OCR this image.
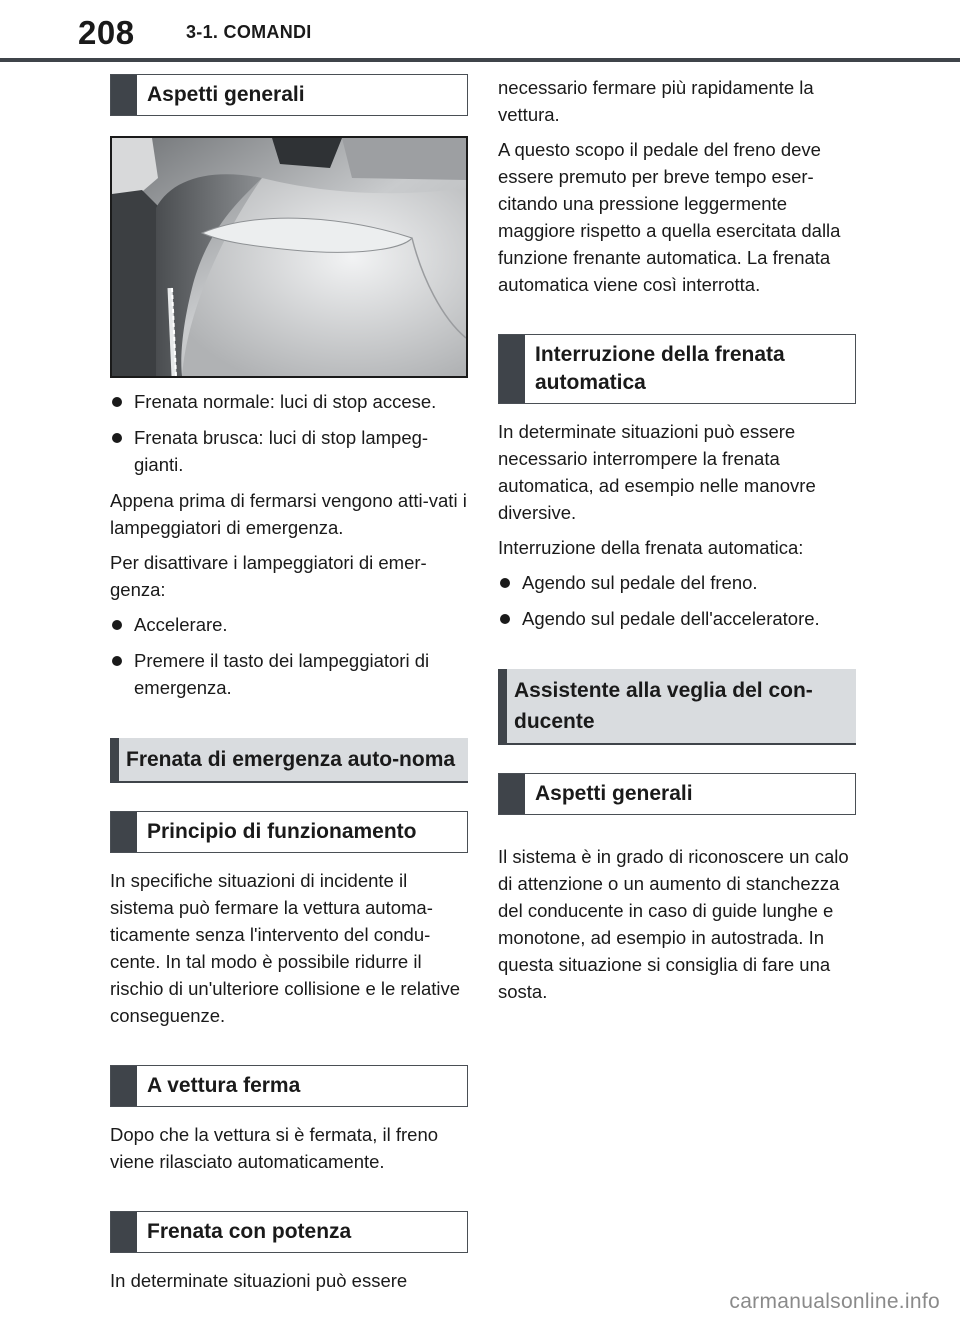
208	3-1. COMANDI
Aspetti generali
Frenata normale: luci di stop accese.
Frenata brusca: luci di stop lampeg-gianti.

Appena prima di fermarsi vengono atti-vati i lampeggiatori di emergenza.

Per disattivare i lampeggiatori di emer-genza:

Accelerare.
Premere il tasto dei lampeggiatori di emergenza.
Frenata di emergenza auto-noma
Principio di funzionamento

In specifiche situazioni di incidente il sistema può fermare la vettura automa-ticamente senza l'intervento del condu-cente. In tal modo è possibile ridurre il rischio di un'ulteriore collisione e le relative conseguenze.

A vettura ferma

Dopo che la vettura si è fermata, il freno viene rilasciato automaticamente.

Frenata con potenza

In determinate situazioni può essere

necessario fermare più rapidamente la vettura.

A questo scopo il pedale del freno deve essere premuto per breve tempo eser-citando una pressione leggermente maggiore rispetto a quella esercitata dalla funzione frenante automatica. La frenata automatica viene così interrotta.

Interruzione della frenata automatica

In determinate situazioni può essere necessario interrompere la frenata automatica, ad esempio nelle manovre diversive.

Interruzione della frenata automatica:

Agendo sul pedale del freno.
Agendo sul pedale dell'acceleratore.
Assistente alla veglia del con-ducente
Aspetti generali

Il sistema è in grado di riconoscere un calo di attenzione o un aumento di stanchezza del conducente in caso di guide lunghe e monotone, ad esempio in autostrada. In questa situazione si consiglia di fare una sosta.

carmanualsonline.info
